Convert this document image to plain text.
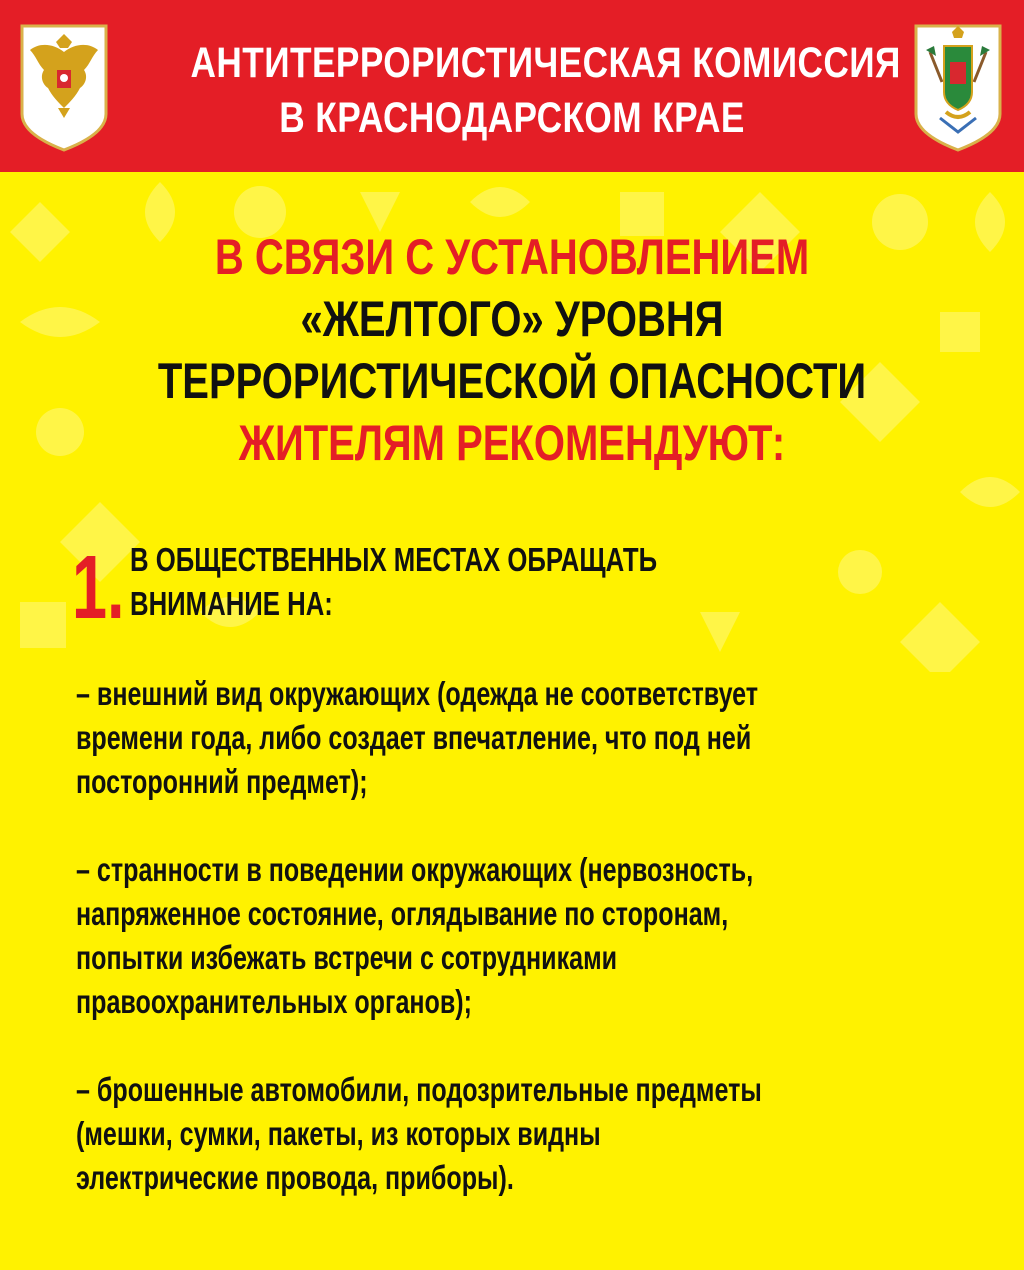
АНТИТЕРРОРИСТИЧЕСКАЯ КОМИССИЯ
В КРАСНОДАРСКОМ КРАЕ
В СВЯЗИ С УСТАНОВЛЕНИЕМ
«ЖЕЛТОГО» УРОВНЯ
ТЕРРОРИСТИЧЕСКОЙ ОПАСНОСТИ
ЖИТЕЛЯМ РЕКОМЕНДУЮТ:
1. В ОБЩЕСТВЕННЫХ МЕСТАХ ОБРАЩАТЬ
ВНИМАНИЕ НА:
– внешний вид окружающих (одежда не соответствует
времени года, либо создает впечатление, что под ней
посторонний предмет);
– странности в поведении окружающих (нервозность,
напряженное состояние, оглядывание по сторонам,
попытки избежать встречи с сотрудниками
правоохранительных органов);
– брошенные автомобили, подозрительные предметы
(мешки, сумки, пакеты, из которых видны
электрические провода, приборы).
